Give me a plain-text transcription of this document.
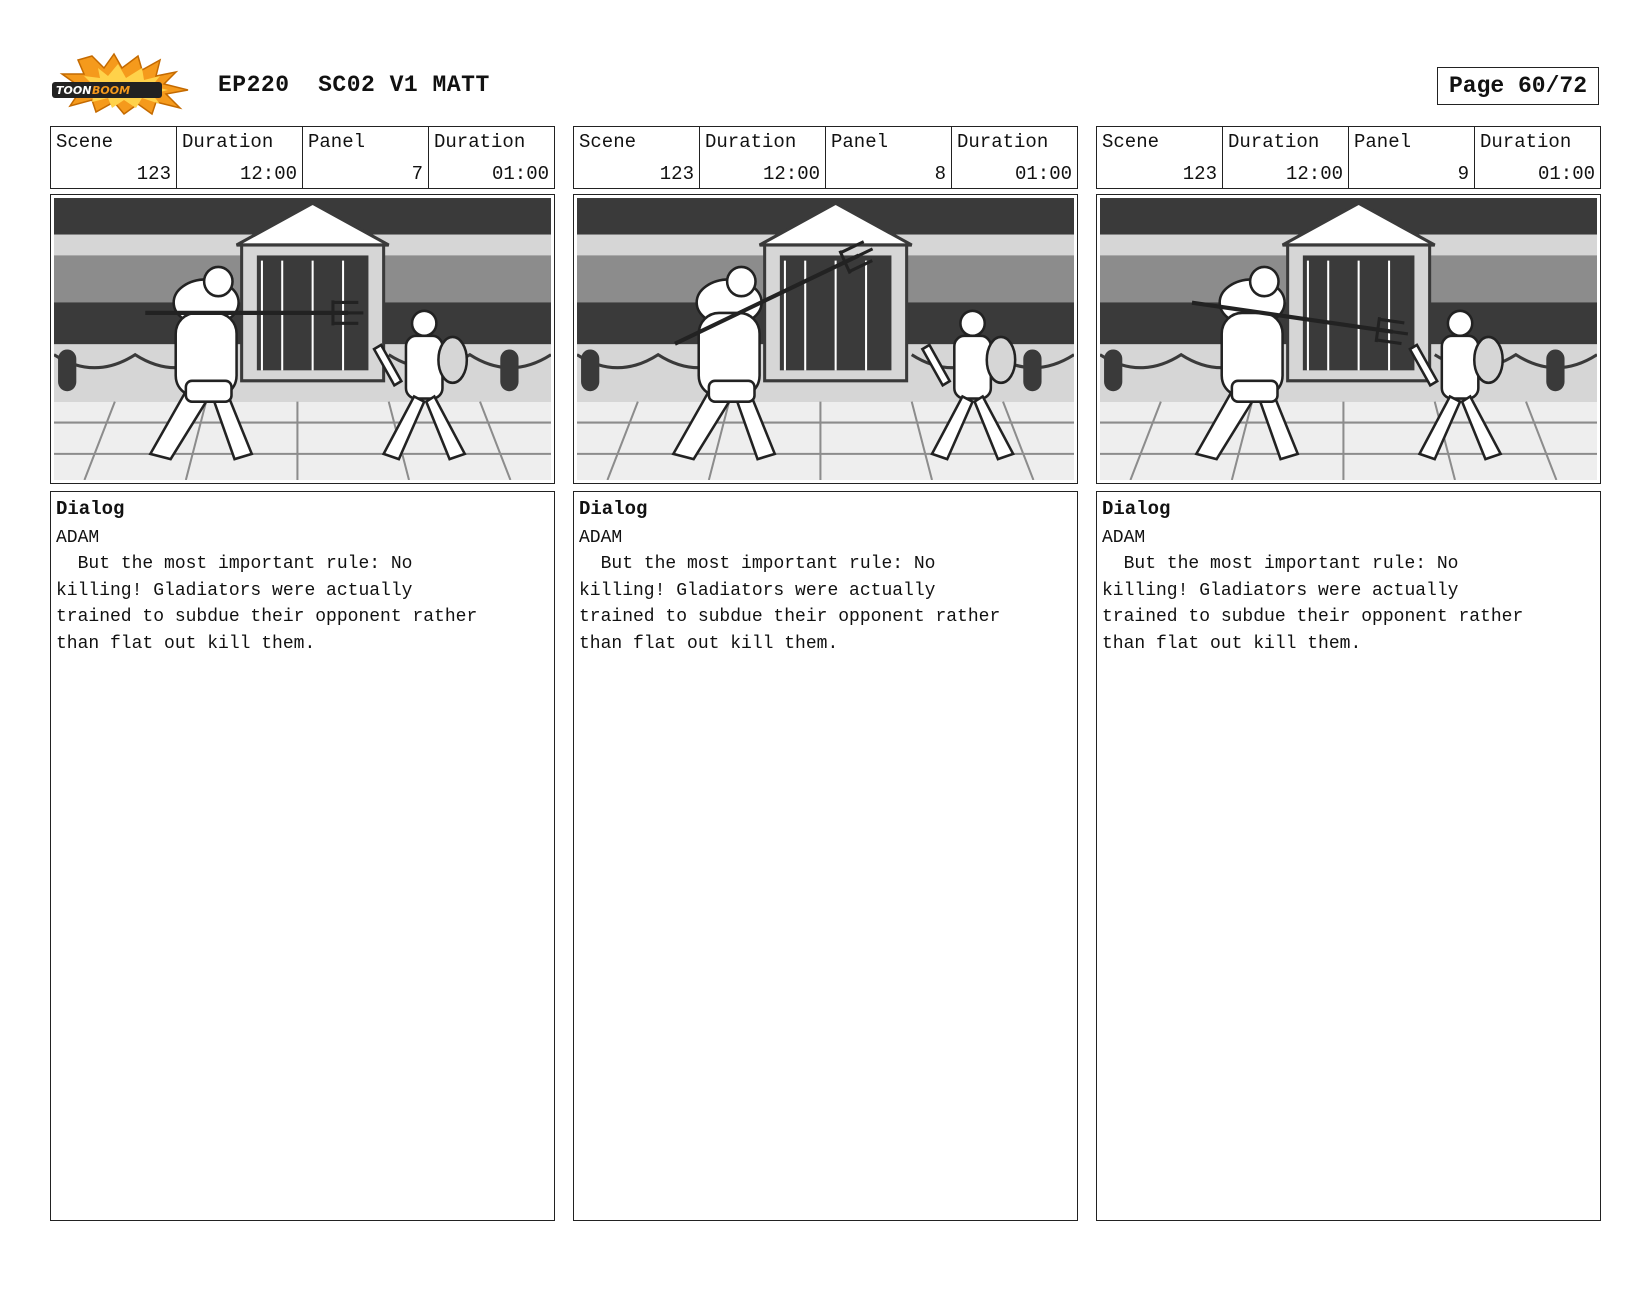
TOON BOOM	EP220  SC02 V1 MATT	Page 60/72
Scene
123
Duration
12:00
Panel
7
Duration
01:00
Dialog
ADAM
But the most important rule: No
killing! Gladiators were actually
trained to subdue their opponent rather
than flat out kill them.
Scene
123
Duration
12:00
Panel
8
Duration
01:00
Dialog
ADAM
But the most important rule: No
killing! Gladiators were actually
trained to subdue their opponent rather
than flat out kill them.
Scene
123
Duration
12:00
Panel
9
Duration
01:00
Dialog
ADAM
But the most important rule: No
killing! Gladiators were actually
trained to subdue their opponent rather
than flat out kill them.
